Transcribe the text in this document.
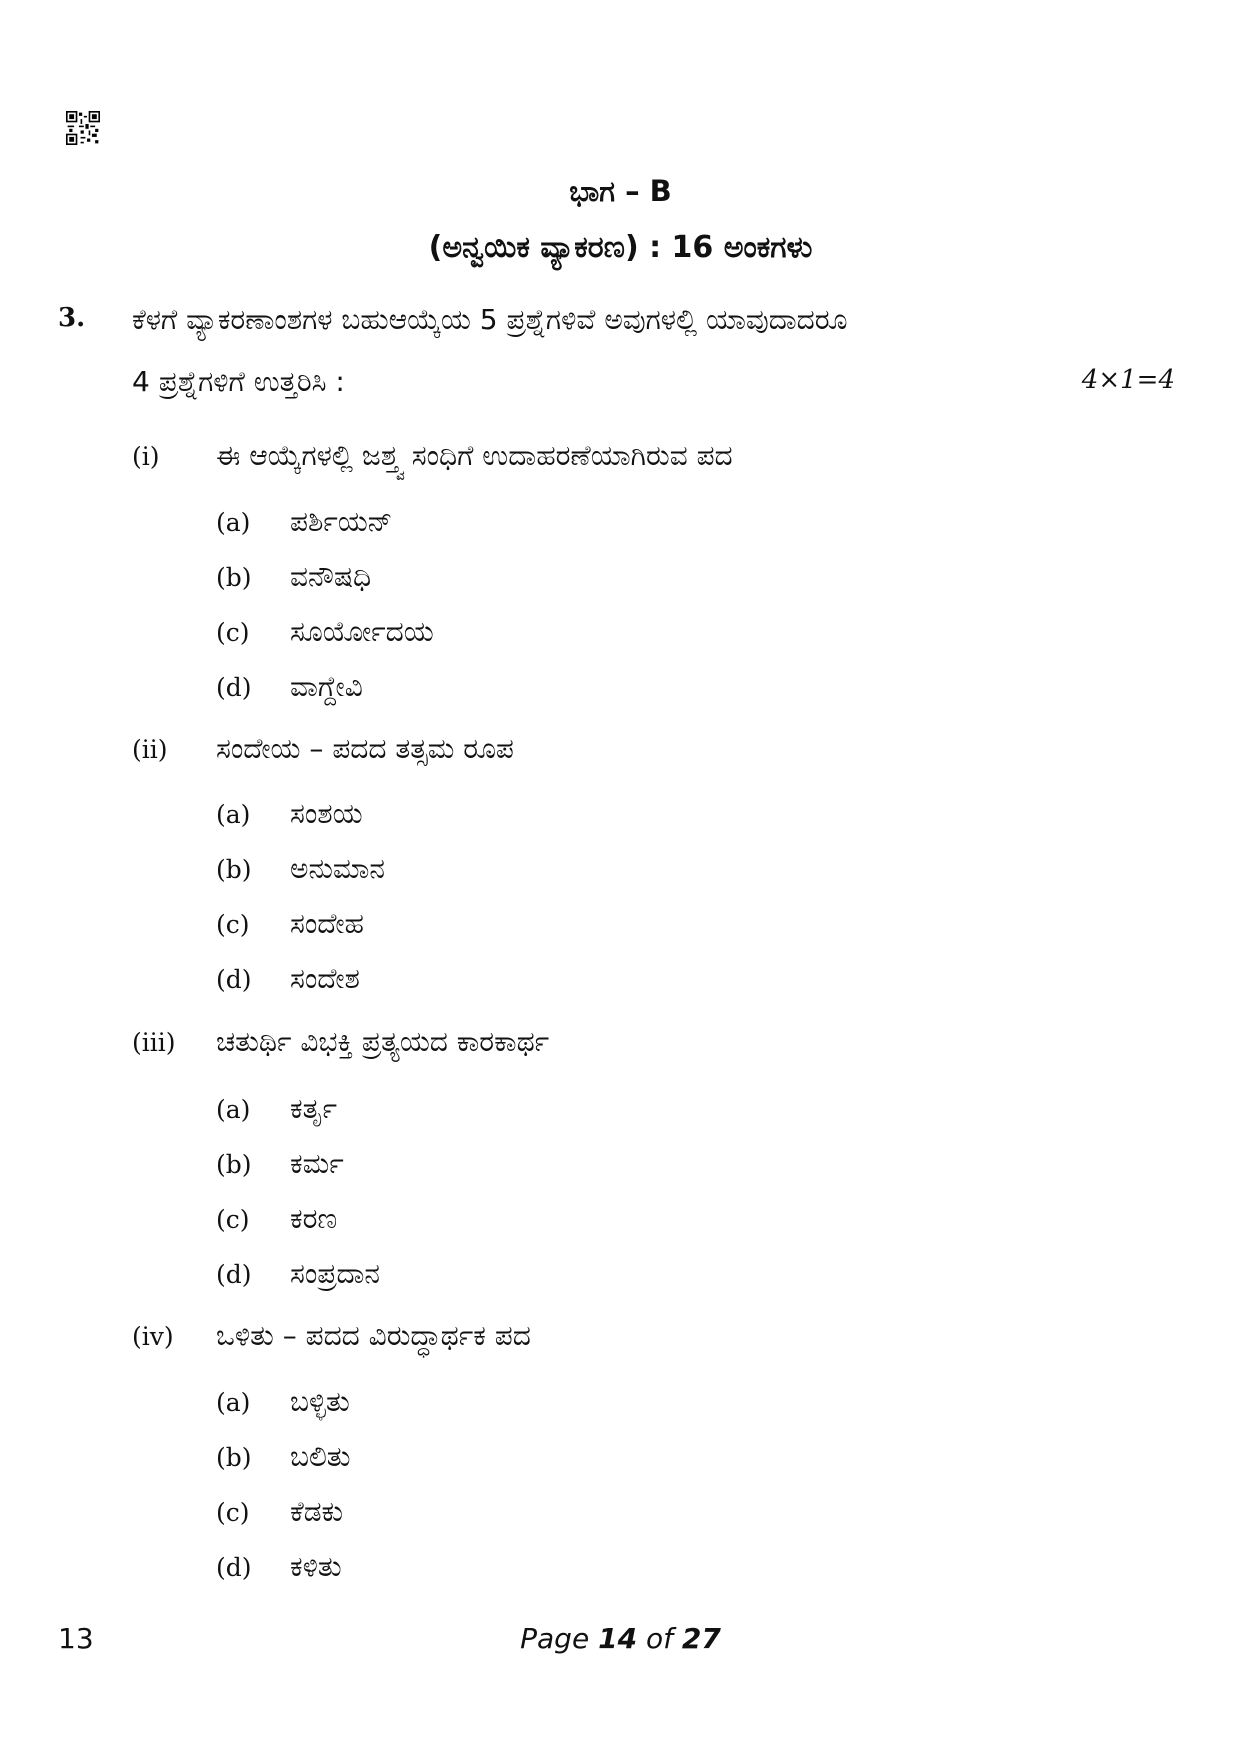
ಭಾಗ – B
(ಅನ್ವಯಿಕ ವ್ಯಾಕರಣ) : 16 ಅಂಕಗಳು
3. ಕೆಳಗೆ ವ್ಯಾಕರಣಾಂಶಗಳ ಬಹುಆಯ್ಕೆಯ 5 ಪ್ರಶ್ನೆಗಳಿವೆ ಅವುಗಳಲ್ಲಿ ಯಾವುದಾದರೂ
4 ಪ್ರಶ್ನೆಗಳಿಗೆ ಉತ್ತರಿಸಿ :	4×1=4
(i) ಈ ಆಯ್ಕೆಗಳಲ್ಲಿ ಜಶ್ತ್ವ ಸಂಧಿಗೆ ಉದಾಹರಣೆಯಾಗಿರುವ ಪದ
(a) ಪರ್ಶಿಯನ್
(b) ವನೌಷಧಿ
(c) ಸೂರ್ಯೋದಯ
(d) ವಾಗ್ದೇವಿ
(ii) ಸಂದೇಯ – ಪದದ ತತ್ಸಮ ರೂಪ
(a) ಸಂಶಯ
(b) ಅನುಮಾನ
(c) ಸಂದೇಹ
(d) ಸಂದೇಶ
(iii) ಚತುರ್ಥಿ ವಿಭಕ್ತಿ ಪ್ರತ್ಯಯದ ಕಾರಕಾರ್ಥ
(a) ಕರ್ತೃ
(b) ಕರ್ಮ
(c) ಕರಣ
(d) ಸಂಪ್ರದಾನ
(iv) ಒಳಿತು – ಪದದ ವಿರುದ್ಧಾರ್ಥಕ ಪದ
(a) ಬಳ್ಳಿತು
(b) ಬಲಿತು
(c) ಕೆಡಕು
(d) ಕಳಿತು
13	Page 14 of 27
